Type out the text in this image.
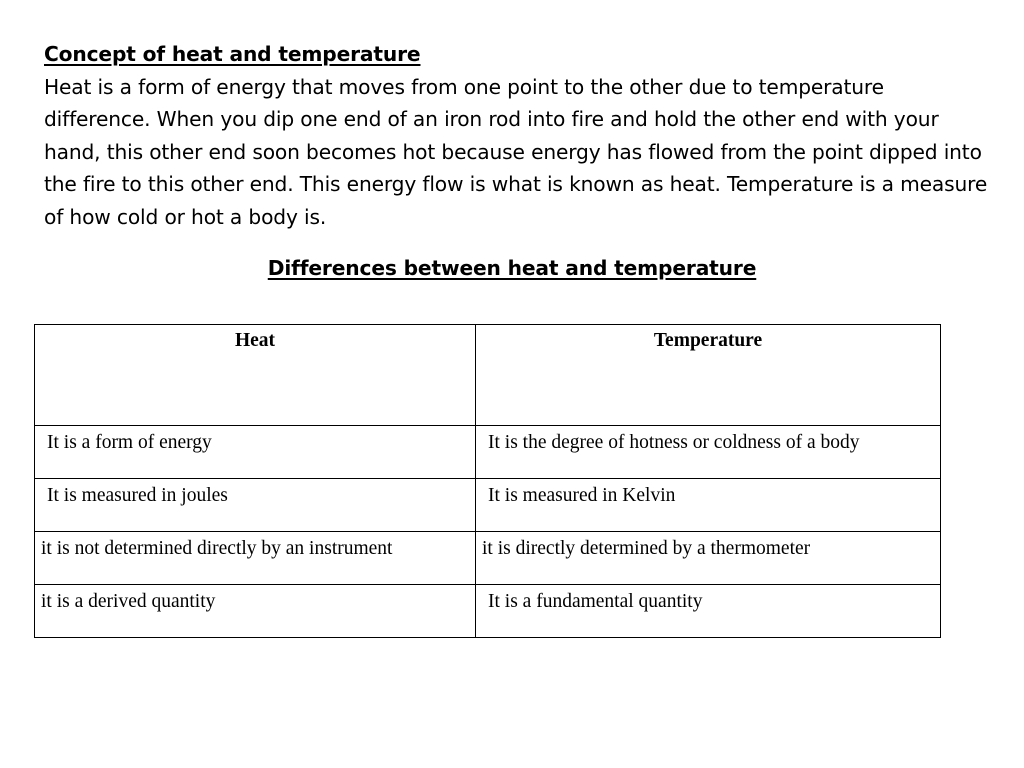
Concept of heat and temperature

Heat is a form of energy that moves from one point to the other due to temperature difference. When you dip one end of an iron rod into fire and hold the other end with your hand, this other end soon becomes hot because energy has flowed from the point dipped into the fire to this other end. This energy flow is what is known as heat. Temperature is a measure of how cold or hot a body is.

Differences between heat and temperature
Heat	Temperature
It is a form of energy	It is the degree of hotness or coldness of a body
It is measured in joules	It is measured in Kelvin
it is not determined directly by an instrument	it is directly determined by a thermometer
it is a derived quantity	It is a fundamental quantity
